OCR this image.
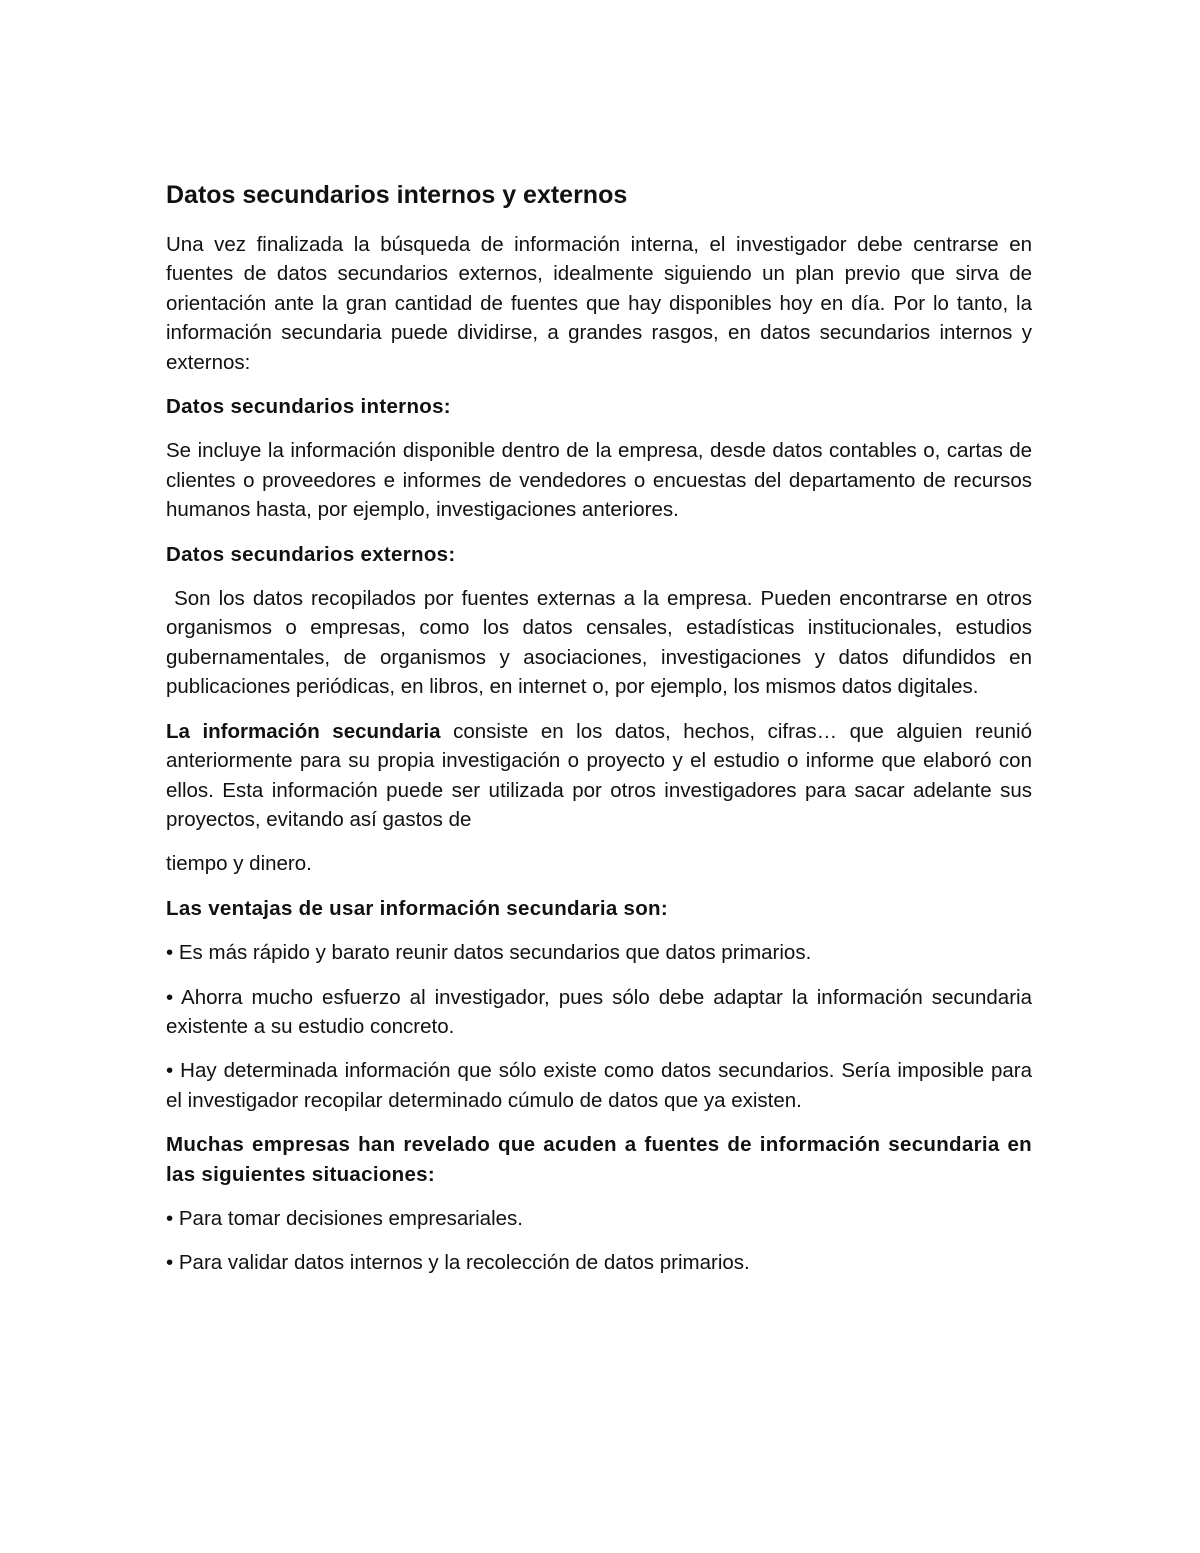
Datos secundarios internos y externos

Una vez finalizada la búsqueda de información interna, el investigador debe centrarse en fuentes de datos secundarios externos, idealmente siguiendo un plan previo que sirva de orientación ante la gran cantidad de fuentes que hay disponibles hoy en día. Por lo tanto, la información secundaria puede dividirse, a grandes rasgos, en datos secundarios internos y externos:

Datos secundarios internos:

Se incluye la información disponible dentro de la empresa, desde datos contables o, cartas de clientes o proveedores e informes de vendedores o encuestas del departamento de recursos humanos hasta, por ejemplo, investigaciones anteriores.

Datos secundarios externos:

Son los datos recopilados por fuentes externas a la empresa. Pueden encontrarse en otros organismos o empresas, como los datos censales, estadísticas institucionales, estudios gubernamentales, de organismos y asociaciones, investigaciones y datos difundidos en publicaciones periódicas, en libros, en internet o, por ejemplo, los mismos datos digitales.

La información secundaria consiste en los datos, hechos, cifras… que alguien reunió anteriormente para su propia investigación o proyecto y el estudio o informe que elaboró con ellos. Esta información puede ser utilizada por otros investigadores para sacar adelante sus proyectos, evitando así gastos de

tiempo y dinero.

Las ventajas de usar información secundaria son:

• Es más rápido y barato reunir datos secundarios que datos primarios.

• Ahorra mucho esfuerzo al investigador, pues sólo debe adaptar la información secundaria existente a su estudio concreto.

• Hay determinada información que sólo existe como datos secundarios. Sería imposible para el investigador recopilar determinado cúmulo de datos que ya existen.

Muchas empresas han revelado que acuden a fuentes de información secundaria en las siguientes situaciones:

• Para tomar decisiones empresariales.

• Para validar datos internos y la recolección de datos primarios.
